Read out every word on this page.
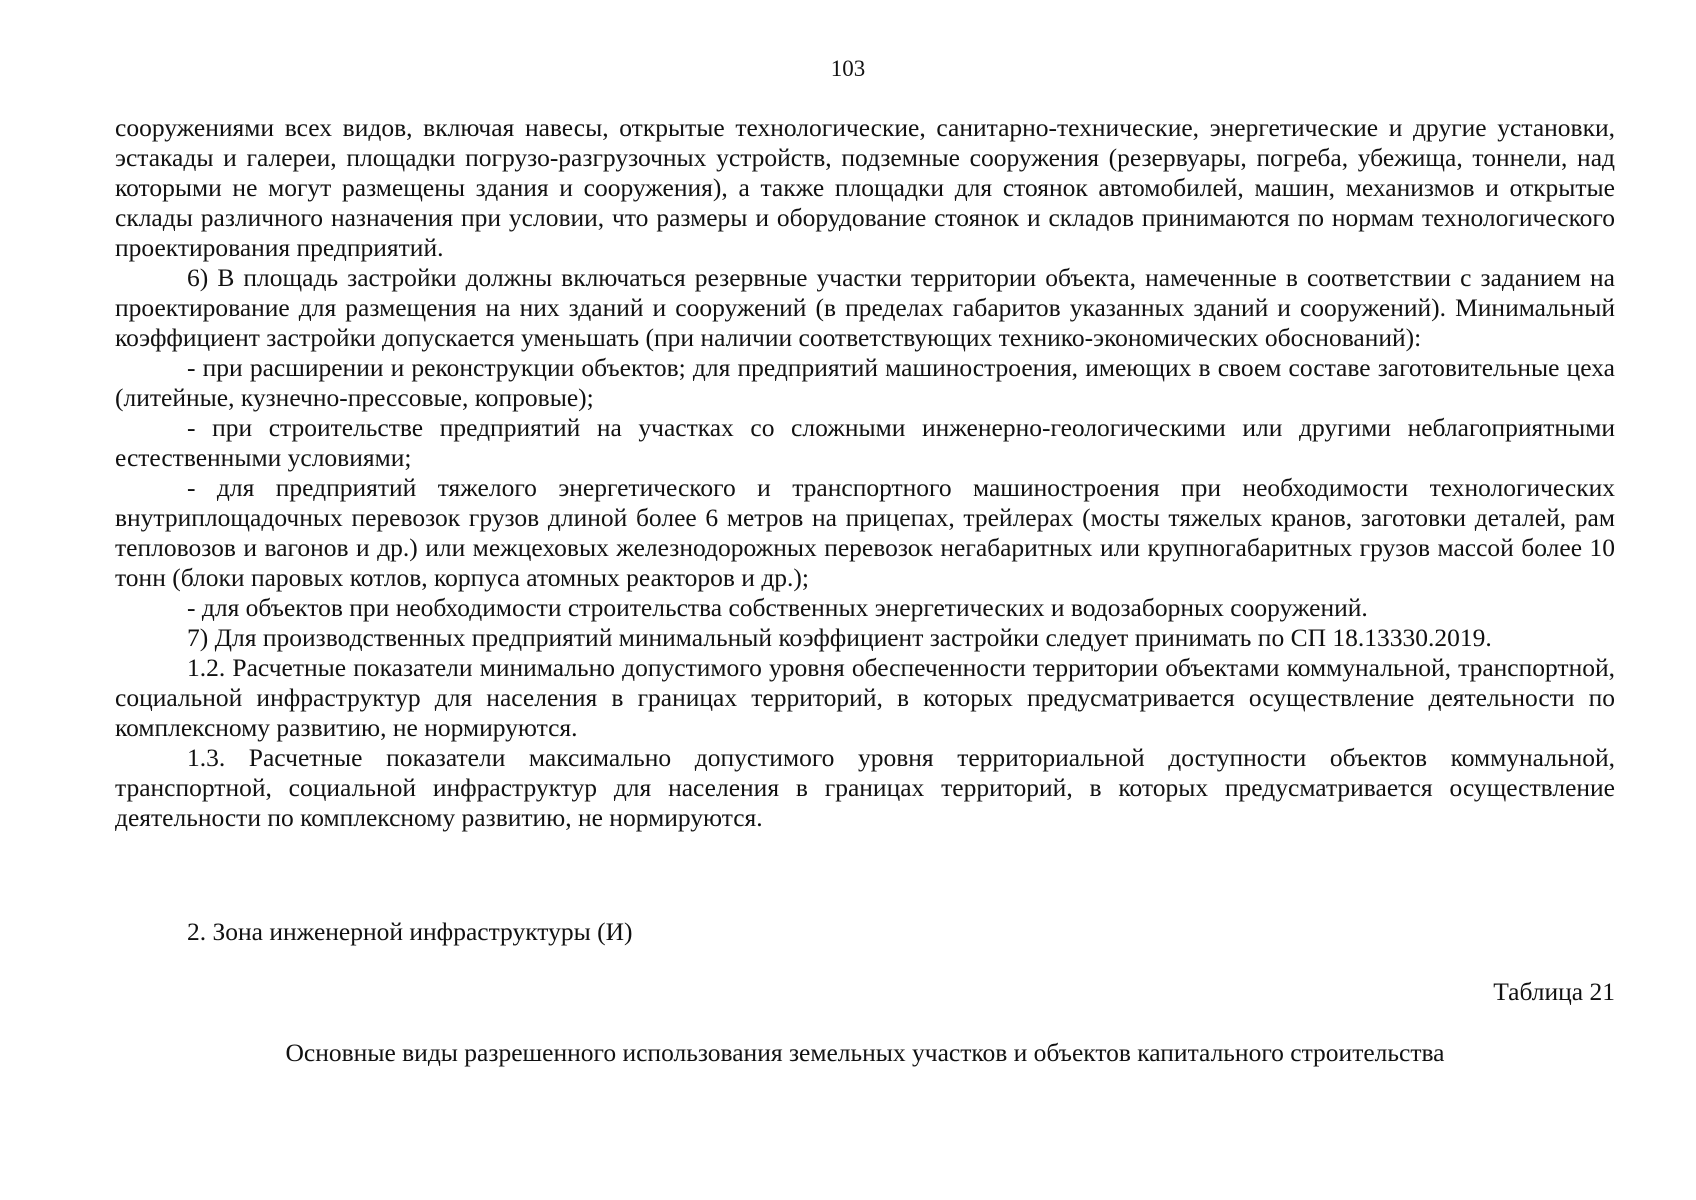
103

сооружениями всех видов, включая навесы, открытые технологические, санитарно-технические, энергетические и другие установки, эстакады и галереи, площадки погрузо-разгрузочных устройств, подземные сооружения (резервуары, погреба, убежища, тоннели, над которыми не могут размещены здания и сооружения), а также площадки для стоянок автомобилей, машин, механизмов и открытые склады различного назначения при условии, что размеры и оборудование стоянок и складов принимаются по нормам технологического проектирования предприятий.

6) В площадь застройки должны включаться резервные участки территории объекта, намеченные в соответствии с заданием на проектирование для размещения на них зданий и сооружений (в пределах габаритов указанных зданий и сооружений). Минимальный коэффициент застройки допускается уменьшать (при наличии соответствующих технико-экономических обоснований):

- при расширении и реконструкции объектов; для предприятий машиностроения, имеющих в своем составе заготовительные цеха (литейные, кузнечно-прессовые, копровые);

- при строительстве предприятий на участках со сложными инженерно-геологическими или другими неблагоприятными естественными условиями;

- для предприятий тяжелого энергетического и транспортного машиностроения при необходимости технологических внутриплощадочных перевозок грузов длиной более 6 метров на прицепах, трейлерах (мосты тяжелых кранов, заготовки деталей, рам тепловозов и вагонов и др.) или межцеховых железнодорожных перевозок негабаритных или крупногабаритных грузов массой более 10 тонн (блоки паровых котлов, корпуса атомных реакторов и др.);

- для объектов при необходимости строительства собственных энергетических и водозаборных сооружений.

7) Для производственных предприятий минимальный коэффициент застройки следует принимать по СП 18.13330.2019.

1.2. Расчетные показатели минимально допустимого уровня обеспеченности территории объектами коммунальной, транспортной, социальной инфраструктур для населения в границах территорий, в которых предусматривается осуществление деятельности по комплексному развитию, не нормируются.

1.3. Расчетные показатели максимально допустимого уровня территориальной доступности объектов коммунальной, транспортной, социальной инфраструктур для населения в границах территорий, в которых предусматривается осуществление деятельности по комплексному развитию, не нормируются.

2. Зона инженерной инфраструктуры (И)
Таблица 21
Основные виды разрешенного использования земельных участков и объектов капитального строительства
